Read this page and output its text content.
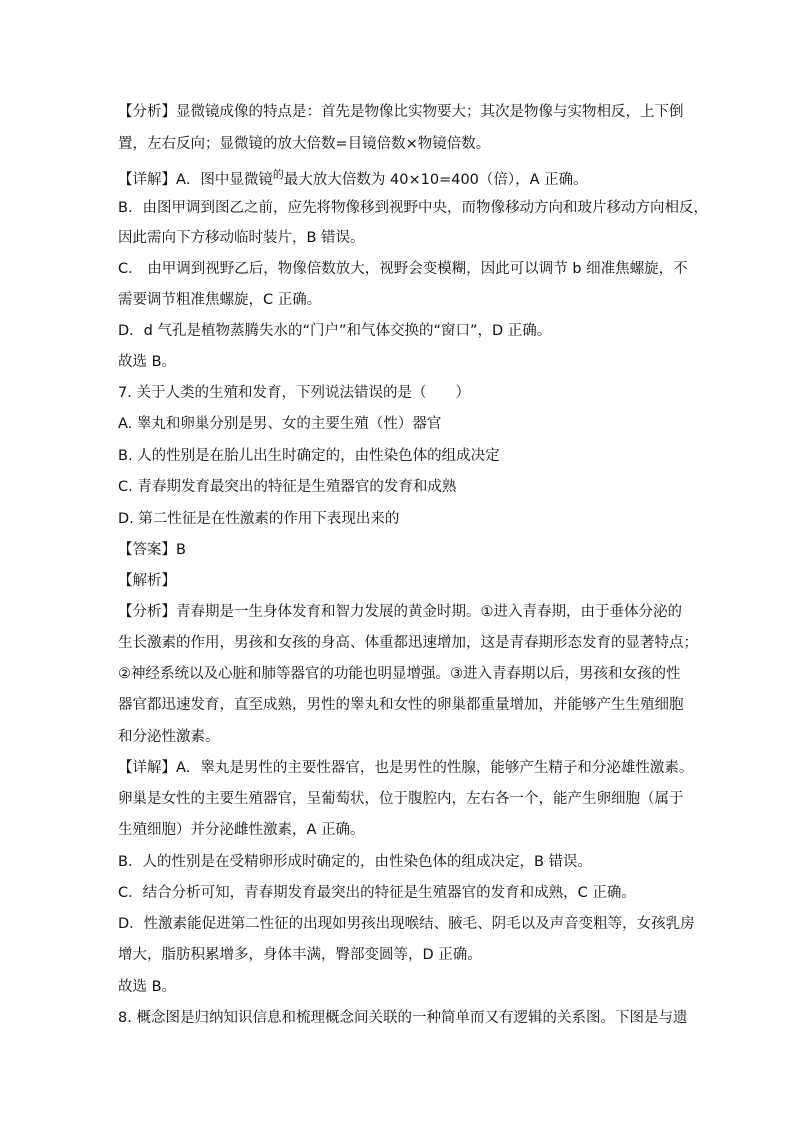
【分析】显微镜成像的特点是：首先是物像比实物要大；其次是物像与实物相反，上下倒
置，左右反向；显微镜的放大倍数=目镜倍数×物镜倍数。
【详解】A．图中显微镜$^的$最大放大倍数为 40×10=400（倍），A 正确。
B．由图甲调到图乙之前，应先将物像移到视野中央，而物像移动方向和玻片移动方向相反，
因此需向下方移动临时装片，B 错误。
C． 由甲调到视野乙后，物像倍数放大，视野会变模糊，因此可以调节 b 细准焦螺旋，不
需要调节粗准焦螺旋，C 正确。
D．d 气孔是植物蒸腾失水的“门户”和气体交换的“窗口”，D 正确。
故选 B。
7. 关于人类的生殖和发育，下列说法错误的是（　　）
A. 睾丸和卵巢分别是男、女的主要生殖（性）器官
B. 人的性别是在胎儿出生时确定的，由性染色体的组成决定
C. 青春期发育最突出的特征是生殖器官的发育和成熟
D. 第二性征是在性激素的作用下表现出来的
【答案】B
【解析】
【分析】青春期是一生身体发育和智力发展的黄金时期。①进入青春期，由于垂体分泌的
生长激素的作用，男孩和女孩的身高、体重都迅速增加，这是青春期形态发育的显著特点；
②神经系统以及心脏和肺等器官的功能也明显增强。③进入青春期以后，男孩和女孩的性
器官都迅速发育，直至成熟，男性的睾丸和女性的卵巢都重量增加，并能够产生生殖细胞
和分泌性激素。
【详解】A．睾丸是男性的主要性器官，也是男性的性腺，能够产生精子和分泌雄性激素。
卵巢是女性的主要生殖器官，呈葡萄状，位于腹腔内，左右各一个，能产生卵细胞（属于
生殖细胞）并分泌雌性激素，A 正确。
B．人的性别是在受精卵形成时确定的，由性染色体的组成决定，B 错误。
C．结合分析可知，青春期发育最突出的特征是生殖器官的发育和成熟，C 正确。
D．性激素能促进第二性征的出现如男孩出现喉结、腋毛、阴毛以及声音变粗等，女孩乳房
增大，脂肪积累增多，身体丰满，臀部变圆等，D 正确。
故选 B。
8. 概念图是归纳知识信息和梳理概念间关联的一种简单而又有逻辑的关系图。下图是与遗
